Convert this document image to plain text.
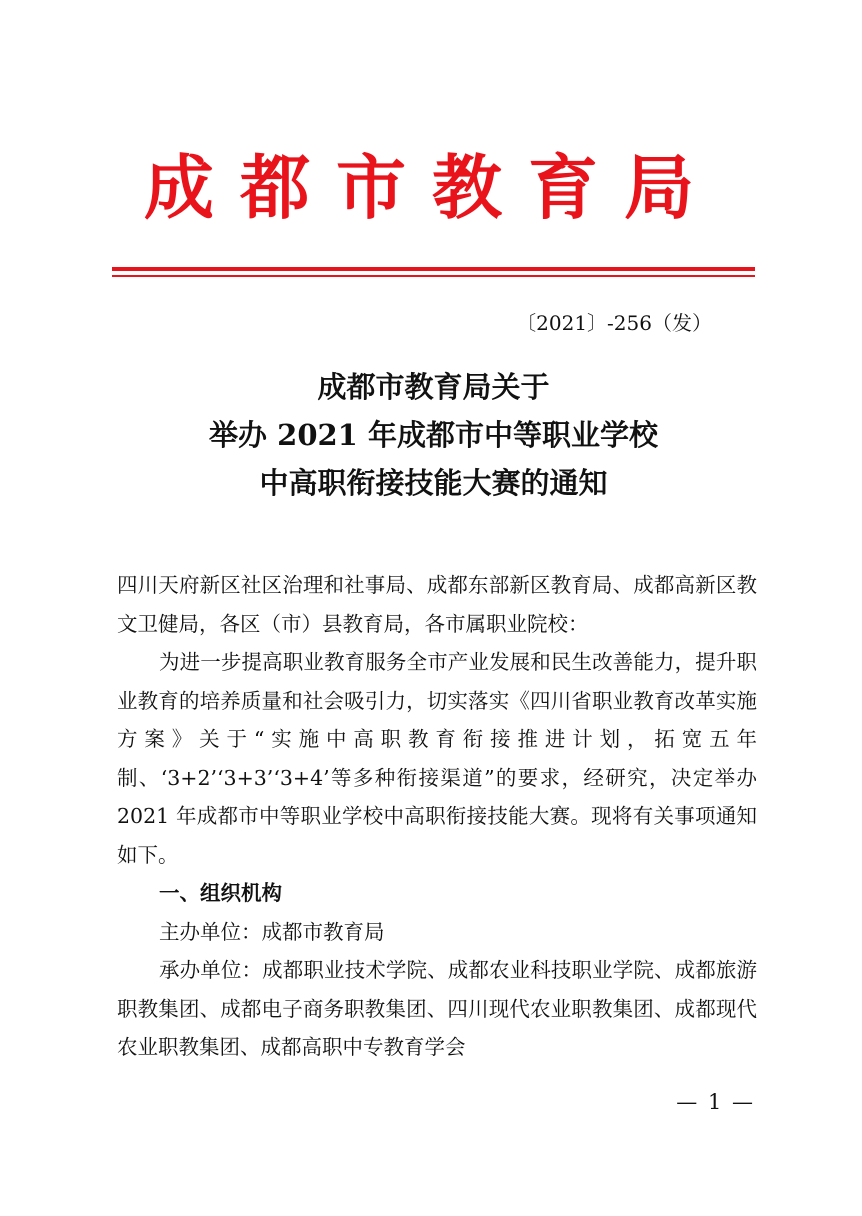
成都市教育局
〔2021〕-256（发）
成都市教育局关于
举办 2021 年成都市中等职业学校
中高职衔接技能大赛的通知

四川天府新区社区治理和社事局、成都东部新区教育局、成都高新区教文卫健局，各区（市）县教育局，各市属职业院校：

为进一步提高职业教育服务全市产业发展和民生改善能力，提升职业教育的培养质量和社会吸引力，切实落实《四川省职业教育改革实施方案》关于“实施中高职教育衔接推进计划，拓宽五年制、‘3+2’‘3+3’‘3+4’等多种衔接渠道”的要求，经研究，决定举办 2021 年成都市中等职业学校中高职衔接技能大赛。现将有关事项通知如下。

一、组织机构

主办单位：成都市教育局

承办单位：成都职业技术学院、成都农业科技职业学院、成都旅游职教集团、成都电子商务职教集团、四川现代农业职教集团、成都现代农业职教集团、成都高职中专教育学会

— 1 —
